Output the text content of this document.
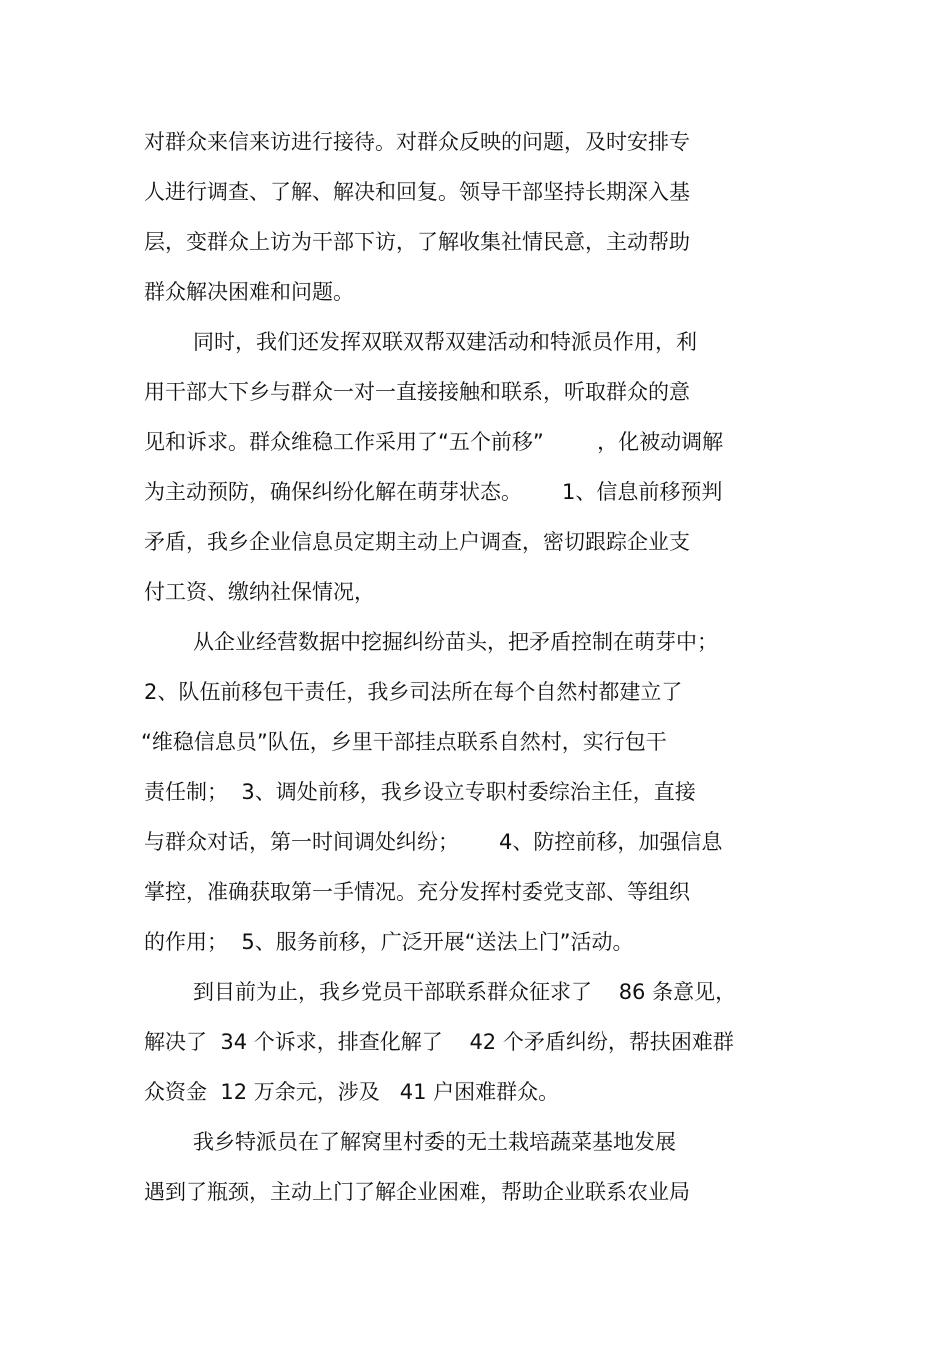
对群众来信来访进行接待。对群众反映的问题，及时安排专
人进行调查、了解、解决和回复。领导干部坚持长期深入基
层，变群众上访为干部下访，了解收集社情民意，主动帮助
群众解决困难和问题。
同时，我们还发挥双联双帮双建活动和特派员作用，利
用干部大下乡与群众一对一直接接触和联系，听取群众的意
见和诉求。群众维稳工作采用了“五个前移”        ，化被动调解
为主动预防，确保纠纷化解在萌芽状态。      1、信息前移预判
矛盾，我乡企业信息员定期主动上户调查，密切跟踪企业支
付工资、缴纳社保情况，
从企业经营数据中挖掘纠纷苗头，把矛盾控制在萌芽中；
2、队伍前移包干责任，我乡司法所在每个自然村都建立了
“维稳信息员”队伍，乡里干部挂点联系自然村，实行包干
责任制；  3、调处前移，我乡设立专职村委综治主任，直接
与群众对话，第一时间调处纠纷；      4、防控前移，加强信息
掌控，准确获取第一手情况。充分发挥村委党支部、等组织
的作用；  5、服务前移，广泛开展“送法上门”活动。
到目前为止，我乡党员干部联系群众征求了    86 条意见，
解决了  34 个诉求，排查化解了    42 个矛盾纠纷，帮扶困难群
众资金  12 万余元，涉及   41 户困难群众。
我乡特派员在了解窝里村委的无土栽培蔬菜基地发展
遇到了瓶颈，主动上门了解企业困难，帮助企业联系农业局
